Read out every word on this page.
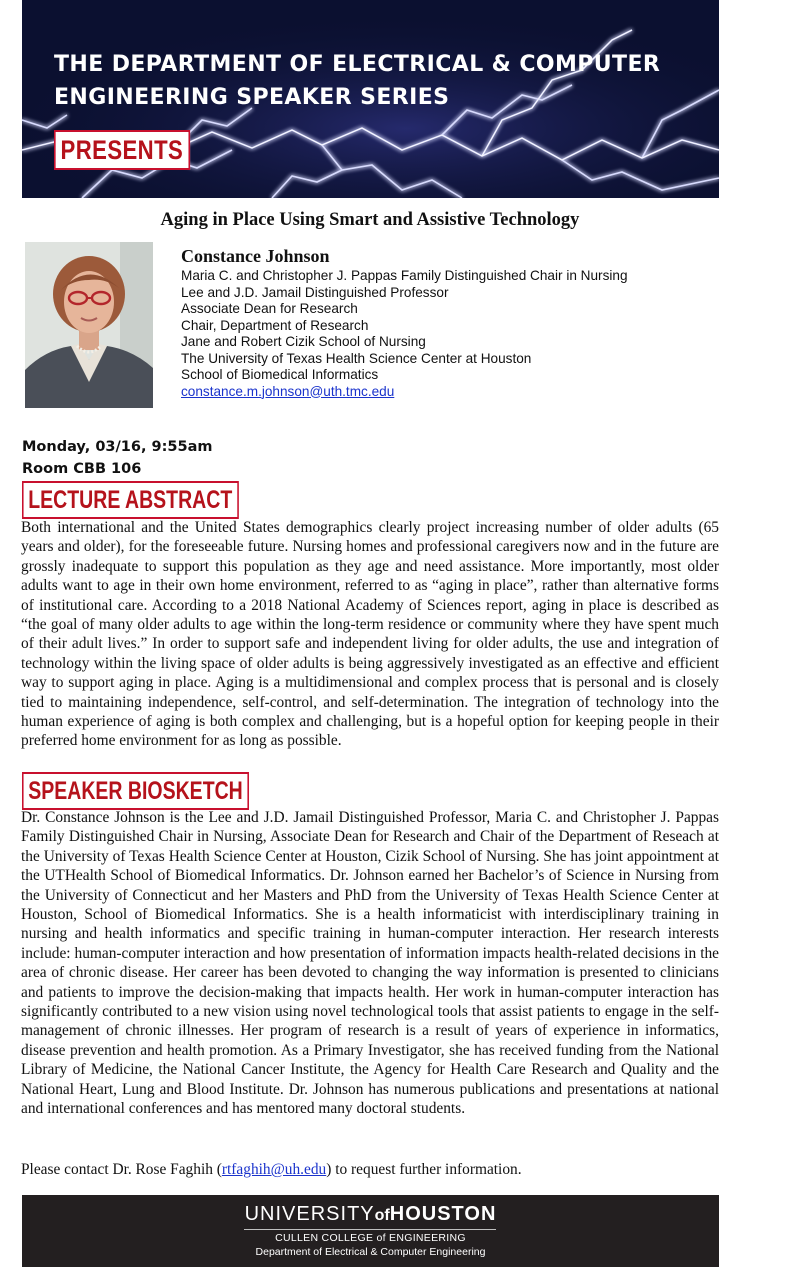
THE DEPARTMENT OF ELECTRICAL & COMPUTER
ENGINEERING SPEAKER SERIES
PRESENTS
Aging in Place Using Smart and Assistive Technology
Constance Johnson
Maria C. and Christopher J. Pappas Family Distinguished Chair in Nursing
Lee and J.D. Jamail Distinguished Professor
Associate Dean for Research
Chair, Department of Research
Jane and Robert Cizik School of Nursing
The University of Texas Health Science Center at Houston
School of Biomedical Informatics
constance.m.johnson@uth.tmc.edu
Monday, 03/16, 9:55am
Room CBB 106
LECTURE ABSTRACT
Both international and the United States demographics clearly project increasing number of older adults (65 years and older), for the foreseeable future. Nursing homes and professional caregivers now and in the future are grossly inadequate to support this population as they age and need assistance. More importantly, most older adults want to age in their own home environment, referred to as “aging in place”, rather than alternative forms of institutional care. According to a 2018 National Academy of Sciences report, aging in place is described as “the goal of many older adults to age within the long-term residence or community where they have spent much of their adult lives.” In order to support safe and independent living for older adults, the use and integration of technology within the living space of older adults is being aggressively investigated as an effective and efficient way to support aging in place. Aging is a multidimensional and complex process that is personal and is closely tied to maintaining independence, self-control, and self-determination. The integration of technology into the human experience of aging is both complex and challenging, but is a hopeful option for keeping people in their preferred home environment for as long as possible.
SPEAKER BIOSKETCH
Dr. Constance Johnson is the Lee and J.D. Jamail Distinguished Professor, Maria C. and Christopher J. Pappas Family Distinguished Chair in Nursing, Associate Dean for Research and Chair of the Department of Reseach at the University of Texas Health Science Center at Houston, Cizik School of Nursing. She has joint appointment at the UTHealth School of Biomedical Informatics. Dr. Johnson earned her Bachelor’s of Science in Nursing from the University of Connecticut and her Masters and PhD from the University of Texas Health Science Center at Houston, School of Biomedical Informatics. She is a health informaticist with interdisciplinary training in nursing and health informatics and specific training in human-computer interaction. Her research interests include: human-computer interaction and how presentation of information impacts health-related decisions in the area of chronic disease. Her career has been devoted to changing the way information is presented to clinicians and patients to improve the decision-making that impacts health. Her work in human-computer interaction has significantly contributed to a new vision using novel technological tools that assist patients to engage in the self-management of chronic illnesses. Her program of research is a result of years of experience in informatics, disease prevention and health promotion. As a Primary Investigator, she has received funding from the National Library of Medicine, the National Cancer Institute, the Agency for Health Care Research and Quality and the National Heart, Lung and Blood Institute. Dr. Johnson has numerous publications and presentations at national and international conferences and has mentored many doctoral students.
Please contact Dr. Rose Faghih (rtfaghih@uh.edu) to request further information.
UNIVERSITYofHOUSTON
CULLEN COLLEGE of ENGINEERING
Department of Electrical & Computer Engineering
